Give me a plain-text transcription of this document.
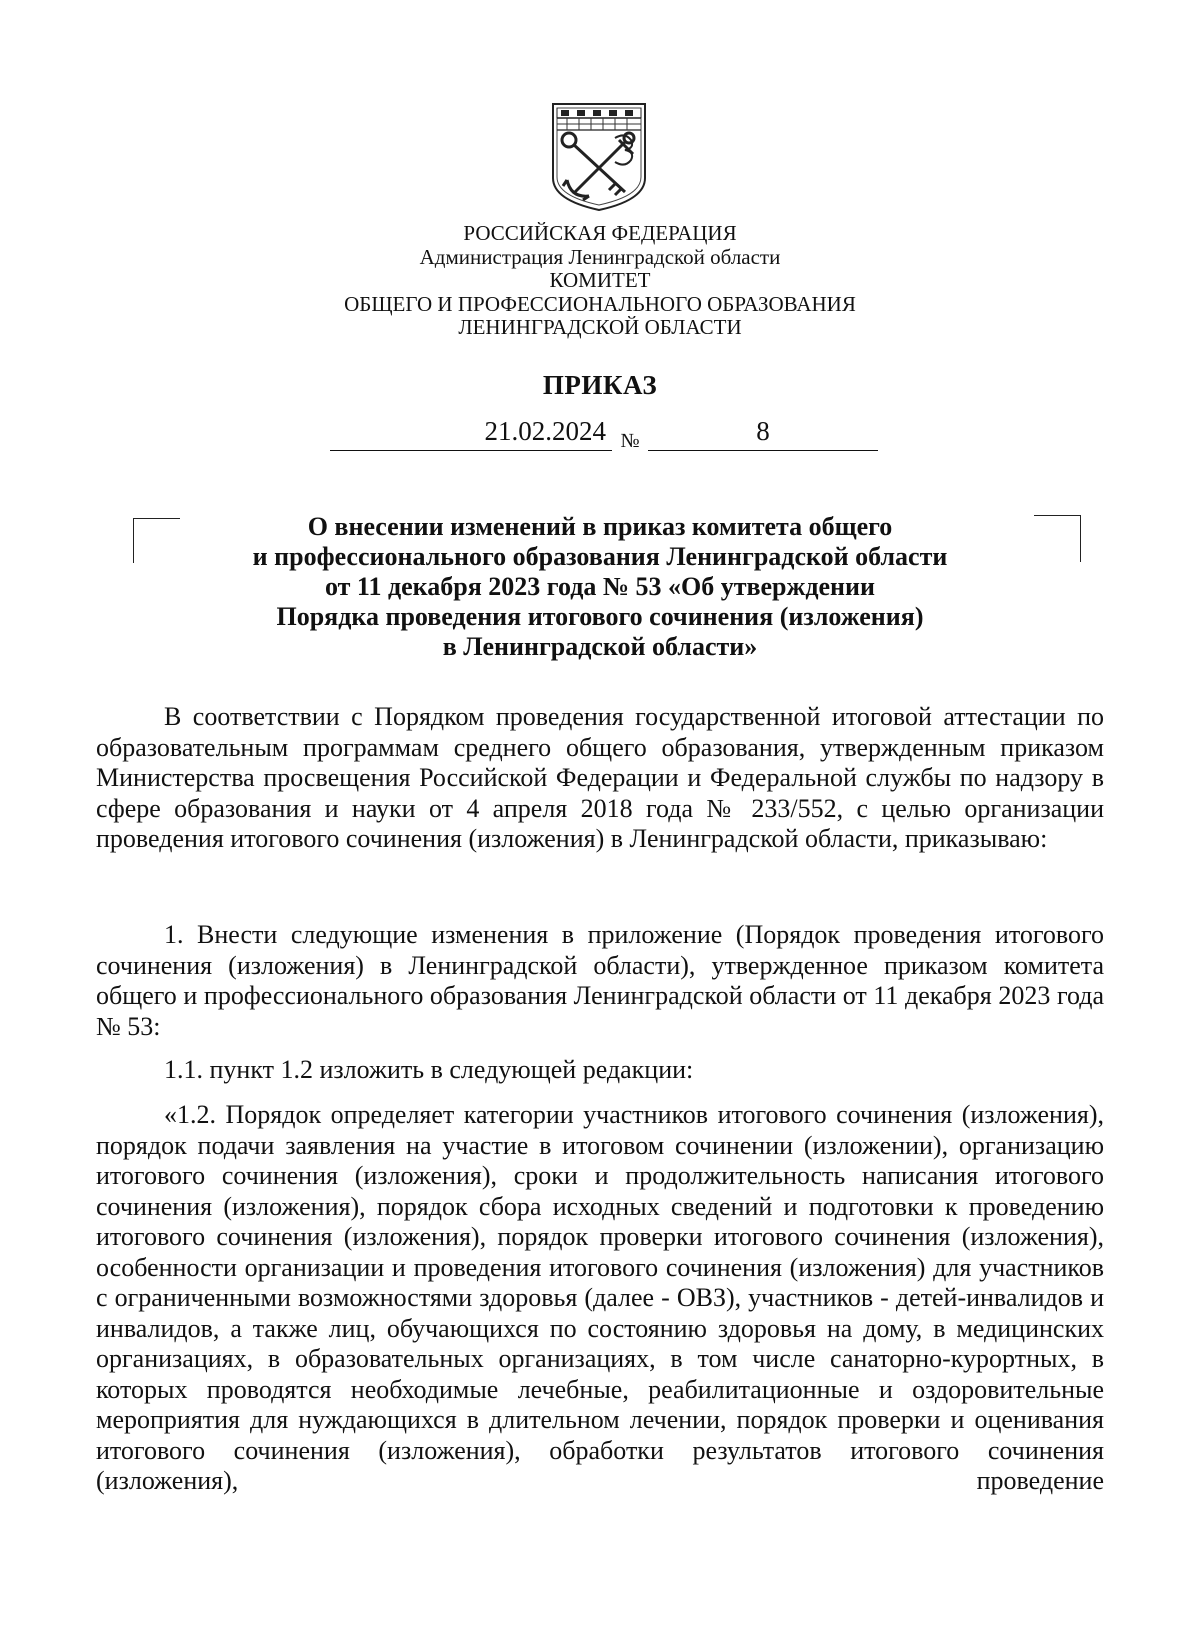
РОССИЙСКАЯ ФЕДЕРАЦИЯ
Администрация Ленинградской области
КОМИТЕТ
ОБЩЕГО И ПРОФЕССИОНАЛЬНОГО ОБРАЗОВАНИЯ
ЛЕНИНГРАДСКОЙ ОБЛАСТИ
ПРИКАЗ
21.02.2024 №	8
О внесении изменений в приказ комитета общего
и профессионального образования Ленинградской области
от 11 декабря 2023 года № 53 «Об утверждении
Порядка проведения итогового сочинения (изложения)
в Ленинградской области»

В соответствии с Порядком проведения государственной итоговой аттестации по образовательным программам среднего общего образования, утвержденным приказом Министерства просвещения Российской Федерации и Федеральной службы по надзору в сфере образования и науки от 4 апреля 2018 года № 233/552, с целью организации проведения итогового сочинения (изложения) в Ленинградской области, приказываю:

1. Внести следующие изменения в приложение (Порядок проведения итогового сочинения (изложения) в Ленинградской области), утвержденное приказом комитета общего и профессионального образования Ленинградской области от 11 декабря 2023 года № 53:

1.1. пункт 1.2 изложить в следующей редакции:

«1.2. Порядок определяет категории участников итогового сочинения (изложения), порядок подачи заявления на участие в итоговом сочинении (изложении), организацию итогового сочинения (изложения), сроки и продолжительность написания итогового сочинения (изложения), порядок сбора исходных сведений и подготовки к проведению итогового сочинения (изложения), порядок проверки итогового сочинения (изложения), особенности организации и проведения итогового сочинения (изложения) для участников с ограниченными возможностями здоровья (далее - ОВЗ), участников - детей-инвалидов и инвалидов, а также лиц, обучающихся по состоянию здоровья на дому, в медицинских организациях, в образовательных организациях, в том числе санаторно-курортных, в которых проводятся необходимые лечебные, реабилитационные и оздоровительные мероприятия для нуждающихся в длительном лечении, порядок проверки и оценивания итогового сочинения (изложения), обработки результатов итогового сочинения (изложения), проведение
